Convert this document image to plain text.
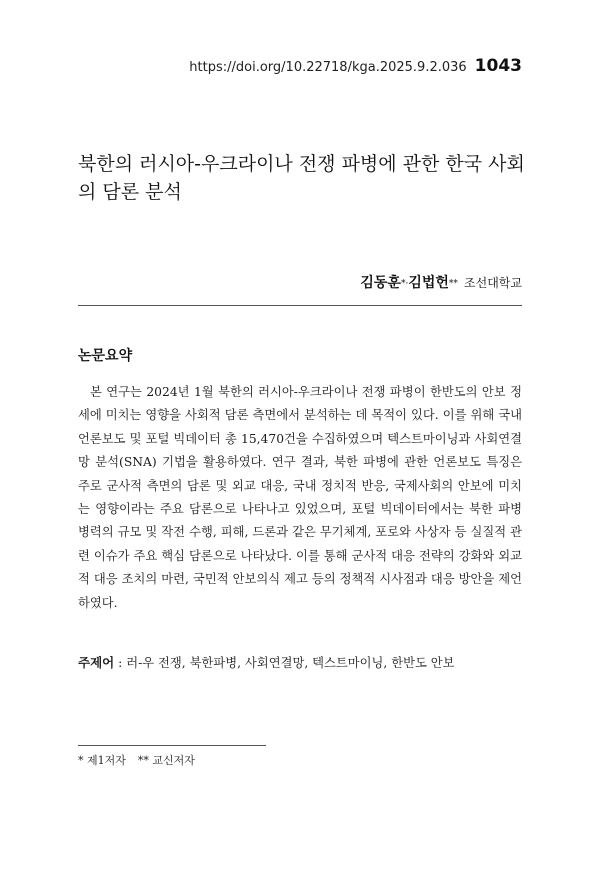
https://doi.org/10.22718/kga.2025.9.2.036 1043
북한의 러시아-우크라이나 전쟁 파병에 관한 한국 사회의 담론 분석
김동훈*·김법헌** 조선대학교
논문요약

본 연구는 2024년 1월 북한의 러시아-우크라이나 전쟁 파병이 한반도의 안보 정세에 미치는 영향을 사회적 담론 측면에서 분석하는 데 목적이 있다. 이를 위해 국내 언론보도 및 포털 빅데이터 총 15,470건을 수집하였으며 텍스트마이닝과 사회연결망 분석(SNA) 기법을 활용하였다. 연구 결과, 북한 파병에 관한 언론보도 특징은 주로 군사적 측면의 담론 및 외교 대응, 국내 정치적 반응, 국제사회의 안보에 미치는 영향이라는 주요 담론으로 나타나고 있었으며, 포털 빅데이터에서는 북한 파병 병력의 규모 및 작전 수행, 피해, 드론과 같은 무기체계, 포로와 사상자 등 실질적 관련 이슈가 주요 핵심 담론으로 나타났다. 이를 통해 군사적 대응 전략의 강화와 외교적 대응 조치의 마련, 국민적 안보의식 제고 등의 정책적 시사점과 대응 방안을 제언하였다.

주제어 : 러-우 전쟁, 북한파병, 사회연결망, 텍스트마이닝, 한반도 안보
* 제1저자 ** 교신저자
